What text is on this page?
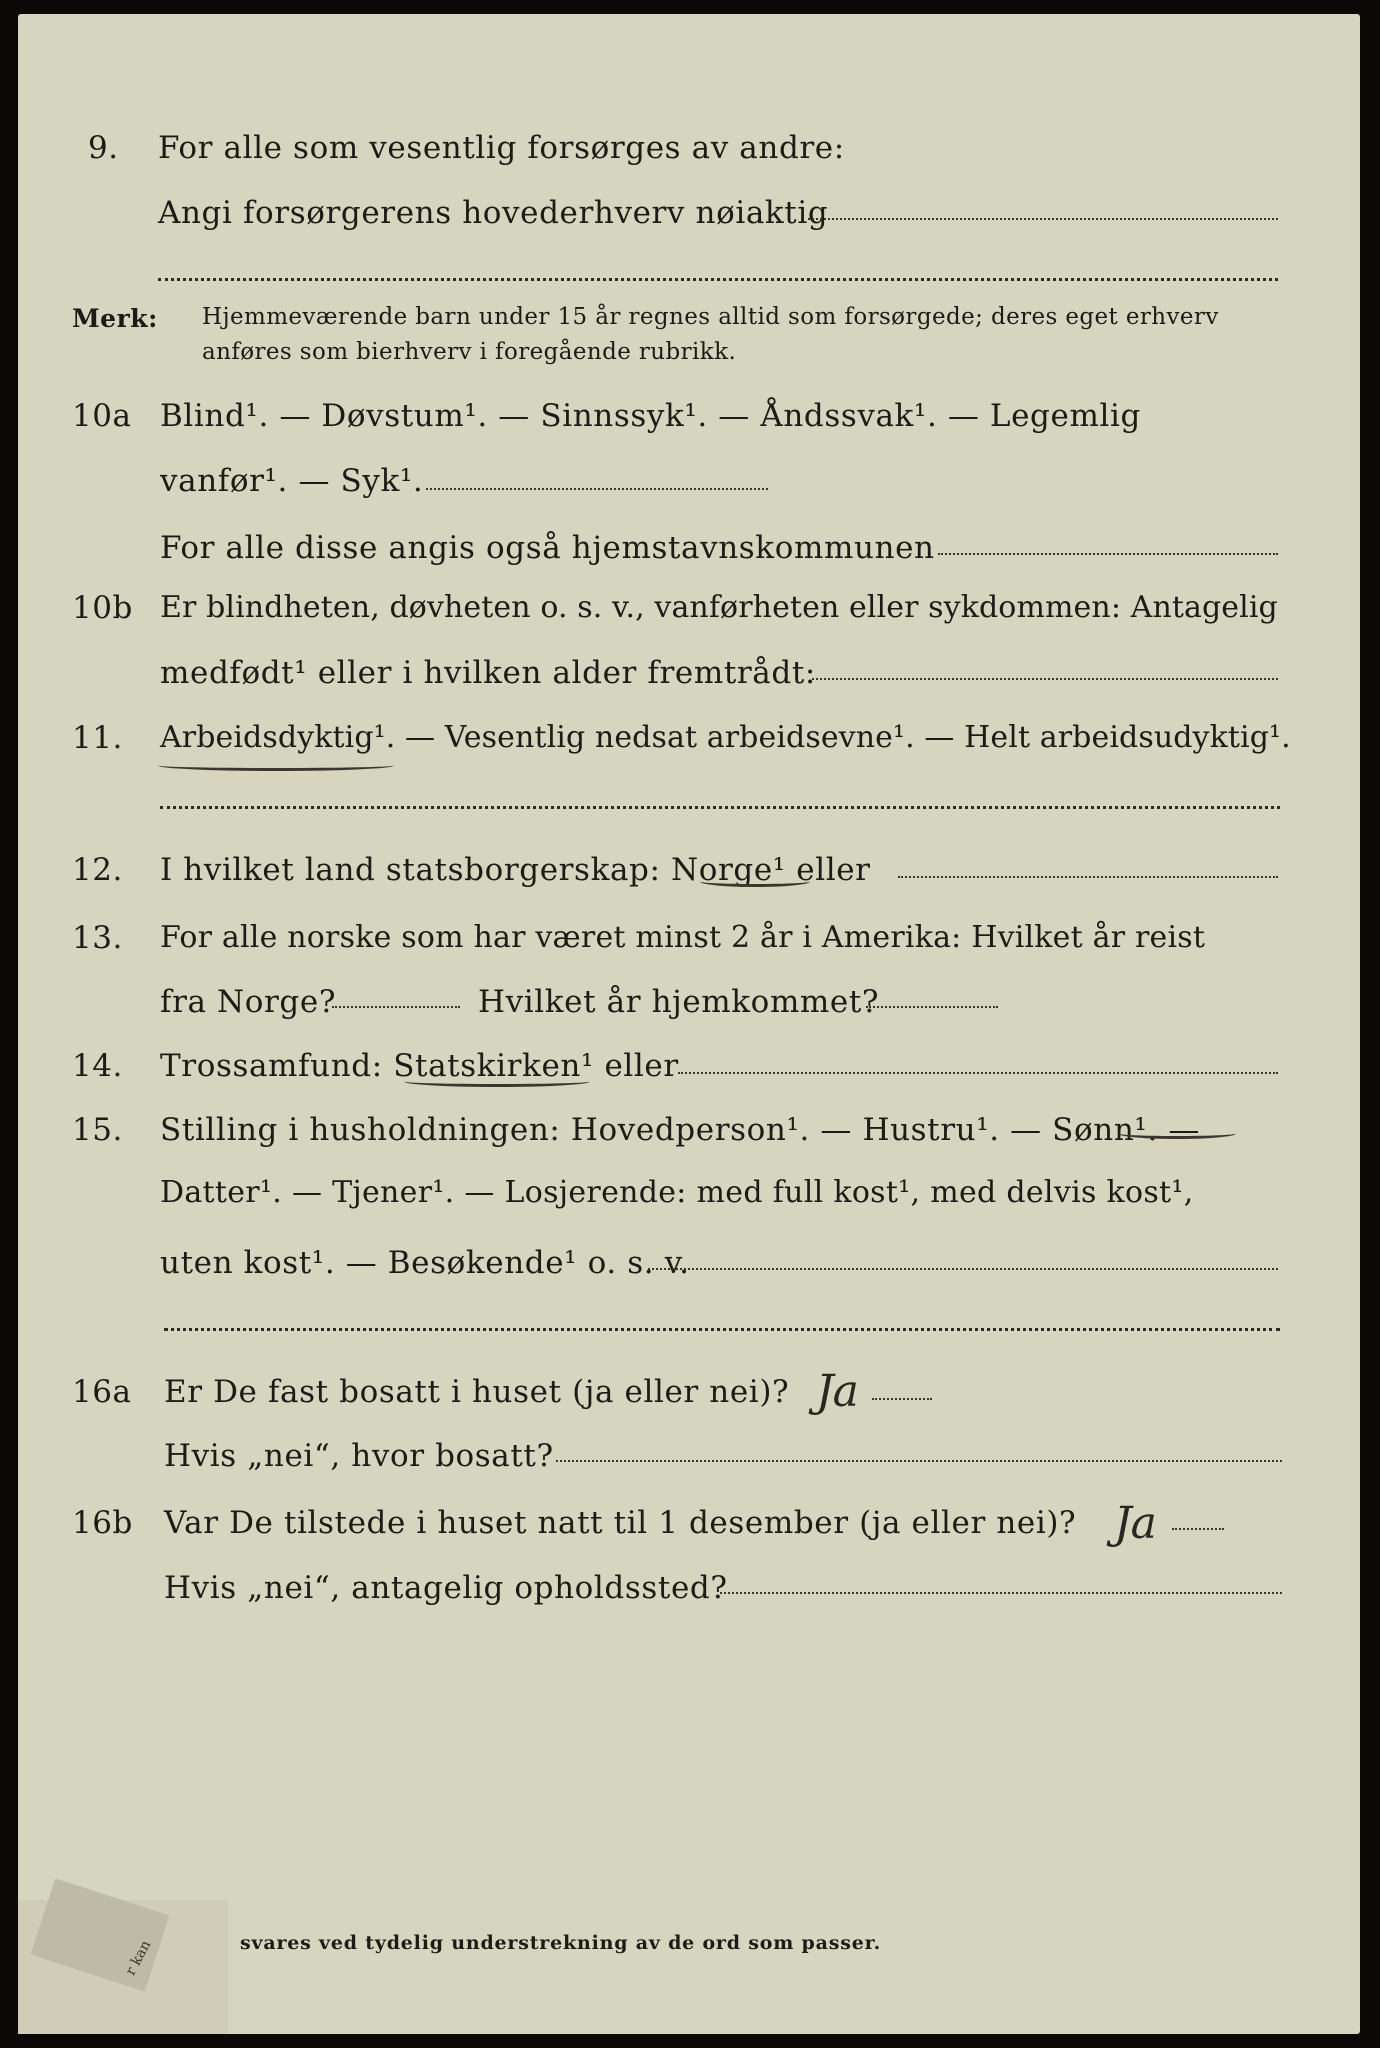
9. For alle som vesentlig forsørges av andre:
Angi forsørgerens hovederhverv nøiaktig
Merk: Hjemmeværende barn under 15 år regnes alltid som forsørgede; deres eget erhverv
anføres som bierhverv i foregående rubrikk.
10a Blind¹. — Døvstum¹. — Sinnssyk¹. — Åndssvak¹. — Legemlig
vanfør¹. — Syk¹.
For alle disse angis også hjemstavnskommunen
10b Er blindheten, døvheten o. s. v., vanførheten eller sykdommen: Antagelig
medfødt¹ eller i hvilken alder fremtrådt:
11. Arbeidsdyktig¹. — Vesentlig nedsat arbeidsevne¹. — Helt arbeidsudyktig¹.
12. I hvilket land statsborgerskap: Norge¹ eller
13. For alle norske som har været minst 2 år i Amerika: Hvilket år reist
fra Norge?	Hvilket år hjemkommet?
14. Trossamfund: Statskirken¹ eller
15. Stilling i husholdningen: Hovedperson¹. — Hustru¹. — Sønn¹. —
Datter¹. — Tjener¹. — Losjerende: med full kost¹, med delvis kost¹,
uten kost¹. — Besøkende¹ o. s. v.
16a Er De fast bosatt i huset (ja eller nei)? Ja
Hvis „nei“, hvor bosatt?
16b Var De tilstede i huset natt til 1 desember (ja eller nei)? Ja
Hvis „nei“, antagelig opholdssted?
r kan	svares ved tydelig understrekning av de ord som passer.
